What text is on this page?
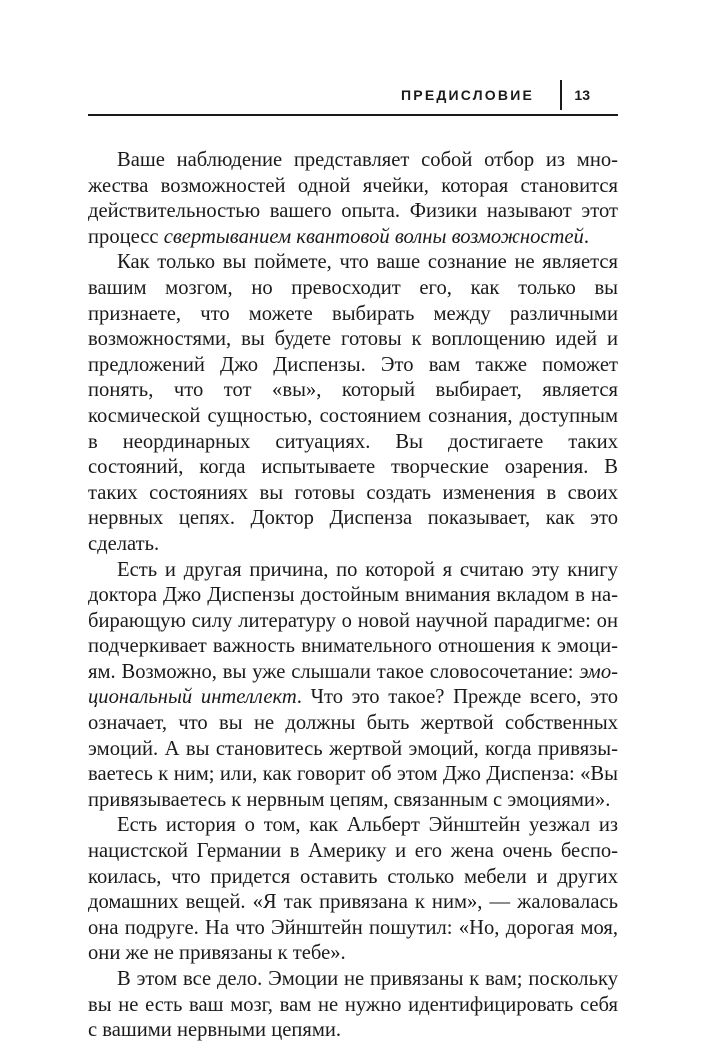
ПРЕДИСЛОВИЕ	13

Ваше наблюдение представляет собой отбор из множества возможностей одной ячейки, которая становится действительностью вашего опыта. Физики называют этот процесс свертыванием квантовой волны возможностей.

Как только вы поймете, что ваше сознание не является вашим мозгом, но превосходит его, как только вы признаете, что можете выбирать между различными возможностями, вы будете готовы к воплощению идей и предложений Джо Диспензы. Это вам также поможет понять, что тот «вы», который выбирает, является космической сущностью, состоянием сознания, доступным в неординарных ситуациях. Вы достигаете таких состояний, когда испытываете творческие озарения. В таких состояниях вы готовы создать изменения в своих нервных цепях. Доктор Диспенза показывает, как это сделать.

Есть и другая причина, по которой я считаю эту книгу доктора Джо Диспензы достойным внимания вкладом в набирающую силу литературу о новой научной парадигме: он подчеркивает важность внимательного отношения к эмоциям. Возможно, вы уже слышали такое словосочетание: эмоциональный интеллект. Что это такое? Прежде всего, это означает, что вы не должны быть жертвой собственных эмоций. А вы становитесь жертвой эмоций, когда привязываетесь к ним; или, как говорит об этом Джо Диспенза: «Вы привязываетесь к нервным цепям, связанным с эмоциями».

Есть история о том, как Альберт Эйнштейн уезжал из нацистской Германии в Америку и его жена очень беспокоилась, что придется оставить столько мебели и других домашних вещей. «Я так привязана к ним», — жаловалась она подруге. На что Эйнштейн пошутил: «Но, дорогая моя, они же не привязаны к тебе».

В этом все дело. Эмоции не привязаны к вам; поскольку вы не есть ваш мозг, вам не нужно идентифицировать себя с вашими нервными цепями.
